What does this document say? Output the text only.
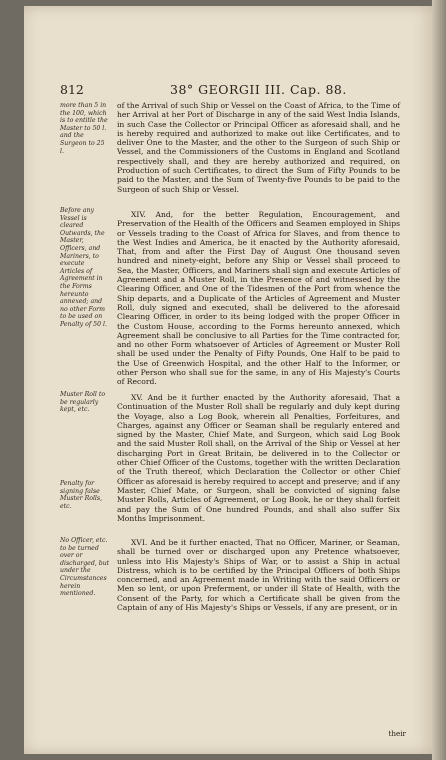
812	38° GEORGII III. Cap. 88.
more than 5 in the 100, which is to entitle the Master to 50 l. and the Surgeon to 25 l.
Before any Vessel is cleared Outwards, the Master, Officers, and Mariners, to execute Articles of Agreement in the Forms hereunto annexed; and no other Form to be used on Penalty of 50 l.
Muster Roll to be regularly kept, etc.
Penalty for signing false Muster Rolls, etc.
No Officer, etc. to be turned over or discharged, but under the Circumstances herein mentioned.

of the Arrival of such Ship or Vessel on the Coast of Africa, to the Time of her Arrival at her Port of Discharge in any of the said West India Islands, in such Case the Collector or Principal Officer as aforesaid shall, and he is hereby required and authorized to make out like Certificates, and to deliver One to the Master, and the other to the Surgeon of such Ship or Vessel, and the Commissioners of the Customs in England and Scotland respectively shall, and they are hereby authorized and required, on Production of such Certificates, to direct the Sum of Fifty Pounds to be paid to the Master, and the Sum of Twenty-five Pounds to be paid to the Surgeon of such Ship or Vessel.

XIV. And, for the better Regulation, Encouragement, and Preservation of the Health of the Officers and Seamen employed in Ships or Vessels trading to the Coast of Africa for Slaves, and from thence to the West Indies and America, be it enacted by the Authority aforesaid, That, from and after the First Day of August One thousand seven hundred and ninety-eight, before any Ship or Vessel shall proceed to Sea, the Master, Officers, and Mariners shall sign and execute Articles of Agreement and a Muster Roll, in the Presence of and witnessed by the Clearing Officer, and One of the Tidesmen of the Port from whence the Ship departs, and a Duplicate of the Articles of Agreement and Muster Roll, duly signed and executed, shall be delivered to the aforesaid Clearing Officer, in order to its being lodged with the proper Officer in the Custom House, according to the Forms hereunto annexed, which Agreement shall be conclusive to all Parties for the Time contracted for, and no other Form whatsoever of Articles of Agreement or Muster Roll shall be used under the Penalty of Fifty Pounds, One Half to be paid to the Use of Greenwich Hospital, and the other Half to the Informer, or other Person who shall sue for the same, in any of His Majesty's Courts of Record.

XV. And be it further enacted by the Authority aforesaid, That a Continuation of the Muster Roll shall be regularly and duly kept during the Voyage, also a Log Book, wherein all Penalties, Forfeitures, and Charges, against any Officer or Seaman shall be regularly entered and signed by the Master, Chief Mate, and Surgeon, which said Log Book and the said Muster Roll shall, on the Arrival of the Ship or Vessel at her discharging Port in Great Britain, be delivered in to the Collector or other Chief Officer of the Customs, together with the written Declaration of the Truth thereof, which Declaration the Collector or other Chief Officer as aforesaid is hereby required to accept and preserve; and if any Master, Chief Mate, or Surgeon, shall be convicted of signing false Muster Rolls, Articles of Agreement, or Log Book, he or they shall forfeit and pay the Sum of One hundred Pounds, and shall also suffer Six Months Imprisonment.

XVI. And be it further enacted, That no Officer, Mariner, or Seaman, shall be turned over or discharged upon any Pretence whatsoever, unless into His Majesty's Ships of War, or to assist a Ship in actual Distress, which is to be certified by the Principal Officers of both Ships concerned, and an Agreement made in Writing with the said Officers or Men so lent, or upon Preferment, or under ill State of Health, with the Consent of the Party, for which a Certificate shall be given from the Captain of any of His Majesty's Ships or Vessels, if any are present, or in

their
